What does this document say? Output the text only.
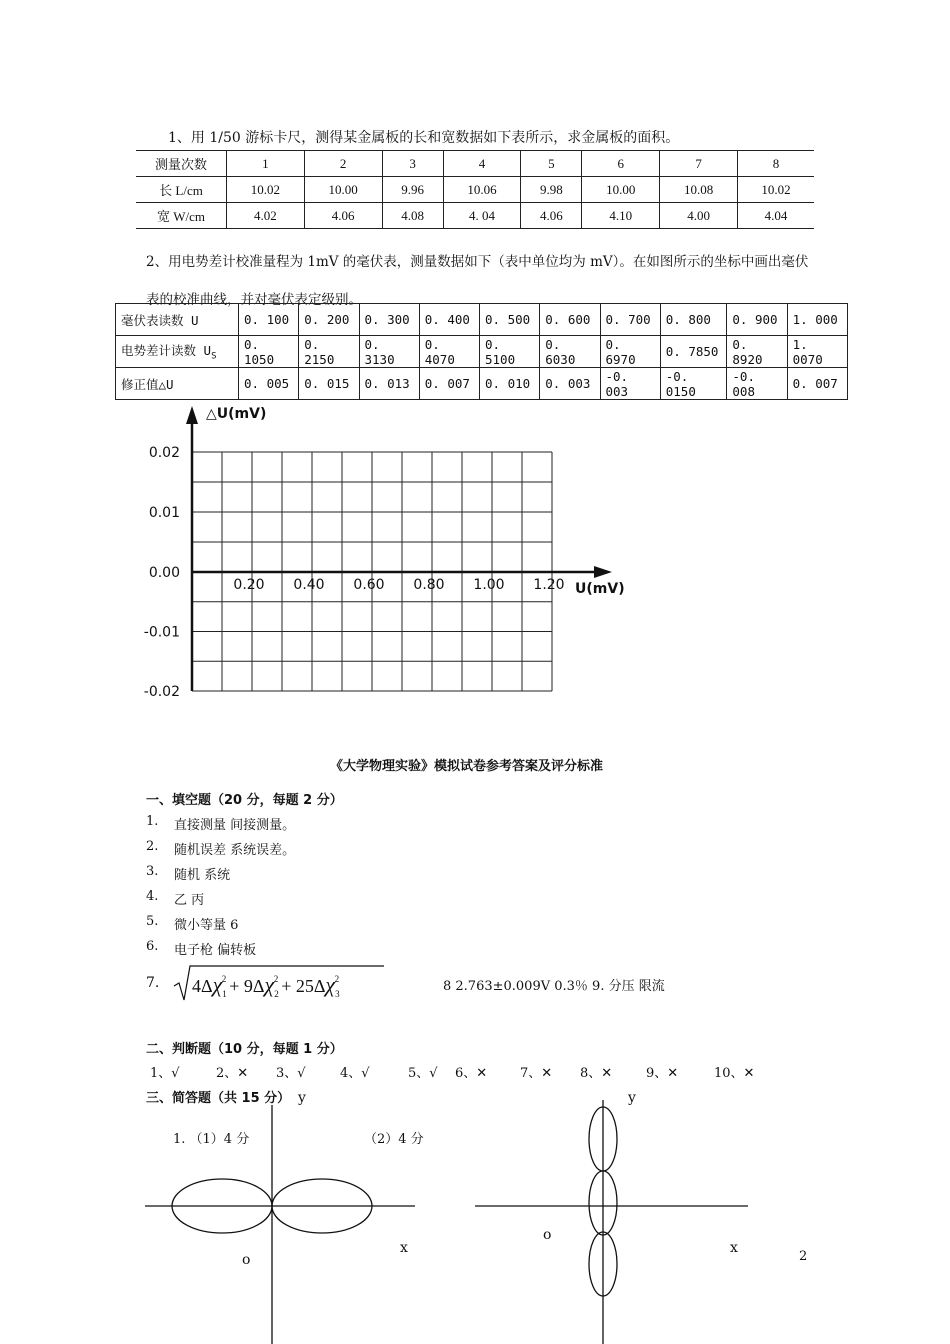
1、用 1/50 游标卡尺，测得某金属板的长和宽数据如下表所示，求金属板的面积。
测量次数	1	2	3	4	5	6	7	8
长 L/cm	10.02	10.00	9.96	10.06	9.98	10.00	10.08	10.02
宽 W/cm	4.02	4.06	4.08	4. 04	4.06	4.10	4.00	4.04
2、用电势差计校准量程为 1mV 的毫伏表，测量数据如下（表中单位均为 mV）。在如图所示的坐标中画出毫伏
表的校准曲线，并对毫伏表定级别。
毫伏表读数 U	0. 100	0. 200	0. 300	0. 400	0. 500	0. 600	0. 700	0. 800	0. 900	1. 000
电势差计读数 $U_S$	0. 1050	0. 2150	0. 3130	0. 4070	0. 5100	0. 6030	0. 6970	0. 7850	0. 8920	1. 0070
修正值△U	0. 005	0. 015	0. 013	0. 007	0. 010	0. 003	-0. 003	-0. 0150	-0. 008	0. 007
△U(mV)
U(mV)
0.02
0.01
0.00
-0.01
-0.02
0.20 0.40 0.60 0.80 1.00 1.20
《大学物理实验》模拟试卷参考答案及评分标准
一、填空题（20 分，每题 2 分）
1. 直接测量 间接测量。
2. 随机误差 系统误差。
3. 随机 系统
4. 乙 丙
5. 微小等量 6
6. 电子枪 偏转板
7. $4\Delta\chi_12 + 9\Delta\chi_22 + 25\Delta\chi_32$	8 2.763±0.009V 0.3％ 9. 分压 限流
二、判断题（10 分，每题 1 分）
1、√	2、✕ 3、√	4、√	5、√ 6、✕	7、✕ 8、✕	9、✕	10、✕
三、简答题（共 15 分）
1. （1）4 分	（2）4 分
y
x
o
y
x
o
2
